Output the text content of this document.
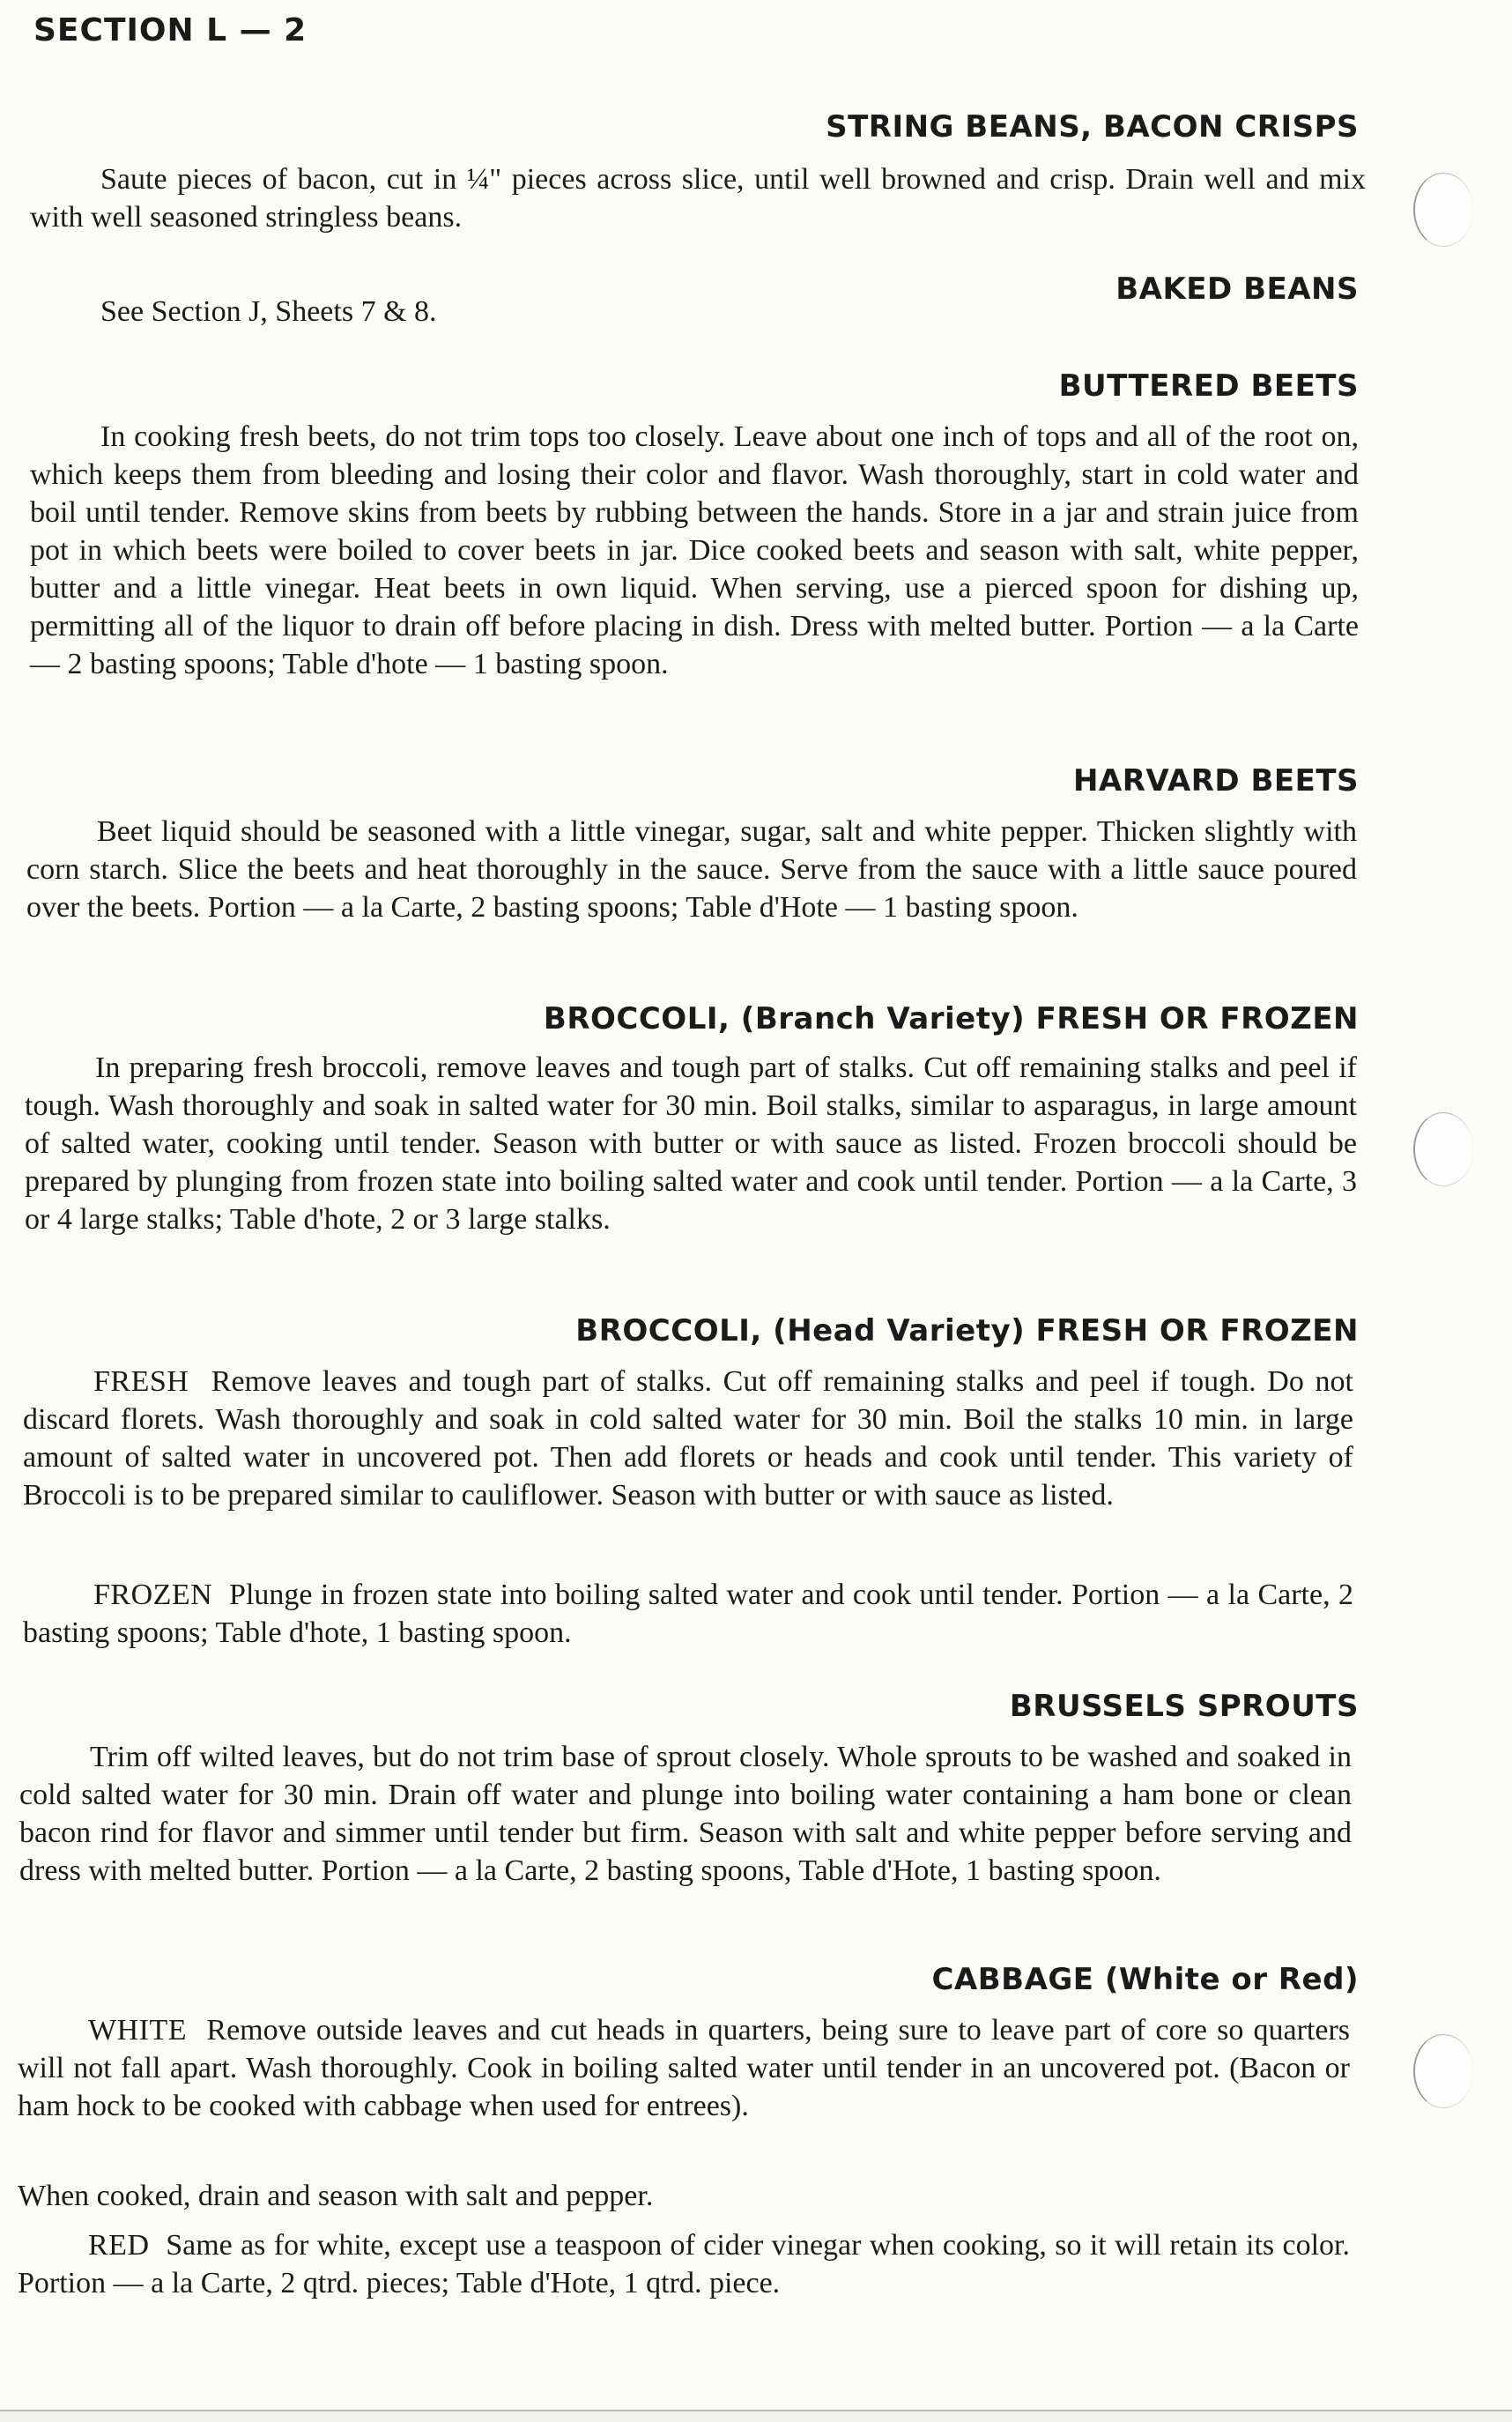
SECTION L — 2
STRING BEANS, BACON CRISPS

Saute pieces of bacon, cut in ¼" pieces across slice, until well browned and crisp. Drain well and mix with well seasoned stringless beans.

BAKED BEANS

See Section J, Sheets 7 & 8.

BUTTERED BEETS

In cooking fresh beets, do not trim tops too closely. Leave about one inch of tops and all of the root on, which keeps them from bleeding and losing their color and flavor. Wash thoroughly, start in cold water and boil until tender. Remove skins from beets by rubbing between the hands. Store in a jar and strain juice from pot in which beets were boiled to cover beets in jar. Dice cooked beets and season with salt, white pepper, butter and a little vinegar. Heat beets in own liquid. When serving, use a pierced spoon for dishing up, permitting all of the liquor to drain off before placing in dish. Dress with melted butter. Portion — a la Carte — 2 basting spoons; Table d'hote — 1 basting spoon.

HARVARD BEETS

Beet liquid should be seasoned with a little vinegar, sugar, salt and white pepper. Thicken slightly with corn starch. Slice the beets and heat thoroughly in the sauce. Serve from the sauce with a little sauce poured over the beets. Portion — a la Carte, 2 basting spoons; Table d'Hote — 1 basting spoon.

BROCCOLI, (Branch Variety) FRESH OR FROZEN

In preparing fresh broccoli, remove leaves and tough part of stalks. Cut off remaining stalks and peel if tough. Wash thoroughly and soak in salted water for 30 min. Boil stalks, similar to asparagus, in large amount of salted water, cooking until tender. Season with butter or with sauce as listed. Frozen broccoli should be prepared by plunging from frozen state into boiling salted water and cook until tender. Portion — a la Carte, 3 or 4 large stalks; Table d'hote, 2 or 3 large stalks.

BROCCOLI, (Head Variety) FRESH OR FROZEN

FRESH Remove leaves and tough part of stalks. Cut off remaining stalks and peel if tough. Do not discard florets. Wash thoroughly and soak in cold salted water for 30 min. Boil the stalks 10 min. in large amount of salted water in uncovered pot. Then add florets or heads and cook until tender. This variety of Broccoli is to be prepared similar to cauliflower. Season with butter or with sauce as listed.

FROZEN Plunge in frozen state into boiling salted water and cook until tender. Portion — a la Carte, 2 basting spoons; Table d'hote, 1 basting spoon.

BRUSSELS SPROUTS

Trim off wilted leaves, but do not trim base of sprout closely. Whole sprouts to be washed and soaked in cold salted water for 30 min. Drain off water and plunge into boiling water containing a ham bone or clean bacon rind for flavor and simmer until tender but firm. Season with salt and white pepper before serving and dress with melted butter. Portion — a la Carte, 2 basting spoons, Table d'Hote, 1 basting spoon.

CABBAGE (White or Red)

WHITE Remove outside leaves and cut heads in quarters, being sure to leave part of core so quarters will not fall apart. Wash thoroughly. Cook in boiling salted water until tender in an uncovered pot. (Bacon or ham hock to be cooked with cabbage when used for entrees).

When cooked, drain and season with salt and pepper.

RED Same as for white, except use a teaspoon of cider vinegar when cooking, so it will retain its color. Portion — a la Carte, 2 qtrd. pieces; Table d'Hote, 1 qtrd. piece.
